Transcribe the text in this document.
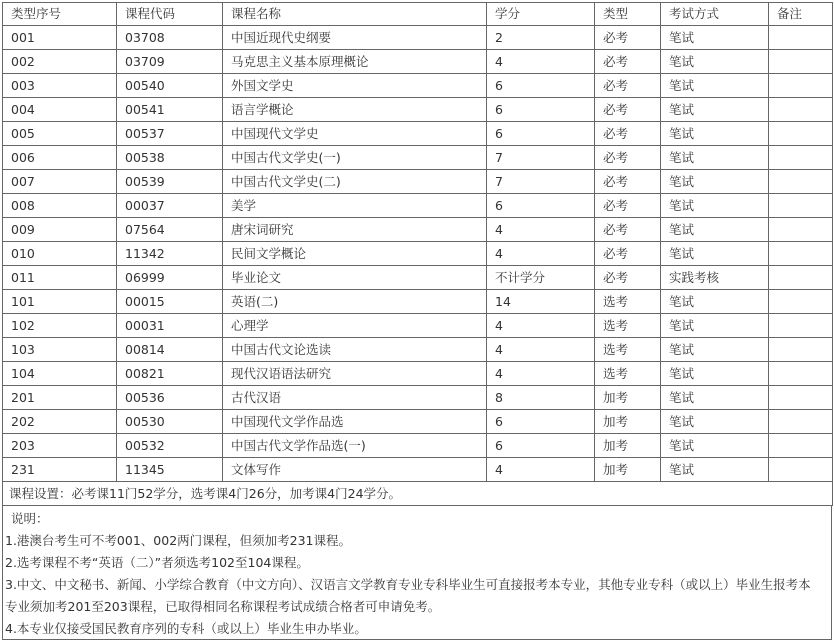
类型序号	课程代码	课程名称	学分	类型	考试方式	备注
001	03708	中国近现代史纲要	2	必考	笔试	
002	03709	马克思主义基本原理概论	4	必考	笔试	
003	00540	外国文学史	6	必考	笔试	
004	00541	语言学概论	6	必考	笔试	
005	00537	中国现代文学史	6	必考	笔试	
006	00538	中国古代文学史(一)	7	必考	笔试	
007	00539	中国古代文学史(二)	7	必考	笔试	
008	00037	美学	6	必考	笔试	
009	07564	唐宋词研究	4	必考	笔试	
010	11342	民间文学概论	4	必考	笔试	
011	06999	毕业论文	不计学分	必考	实践考核	
101	00015	英语(二)	14	选考	笔试	
102	00031	心理学	4	选考	笔试	
103	00814	中国古代文论选读	4	选考	笔试	
104	00821	现代汉语语法研究	4	选考	笔试	
201	00536	古代汉语	8	加考	笔试	
202	00530	中国现代文学作品选	6	加考	笔试	
203	00532	中国古代文学作品选(一)	6	加考	笔试	
231	11345	文体写作	4	加考	笔试	
课程设置：必考课11门52学分，选考课4门26分，加考课4门24学分。						
说明：
1.港澳台考生可不考001、002两门课程，但须加考231课程。
2.选考课程不考“英语（二）”者须选考102至104课程。
3.中文、中文秘书、新闻、小学综合教育（中文方向）、汉语言文学教育专业专科毕业生可直接报考本专业，其他专业专科（或以上）毕业生报考本
专业须加考201至203课程，已取得相同名称课程考试成绩合格者可申请免考。
4.本专业仅接受国民教育序列的专科（或以上）毕业生申办毕业。
